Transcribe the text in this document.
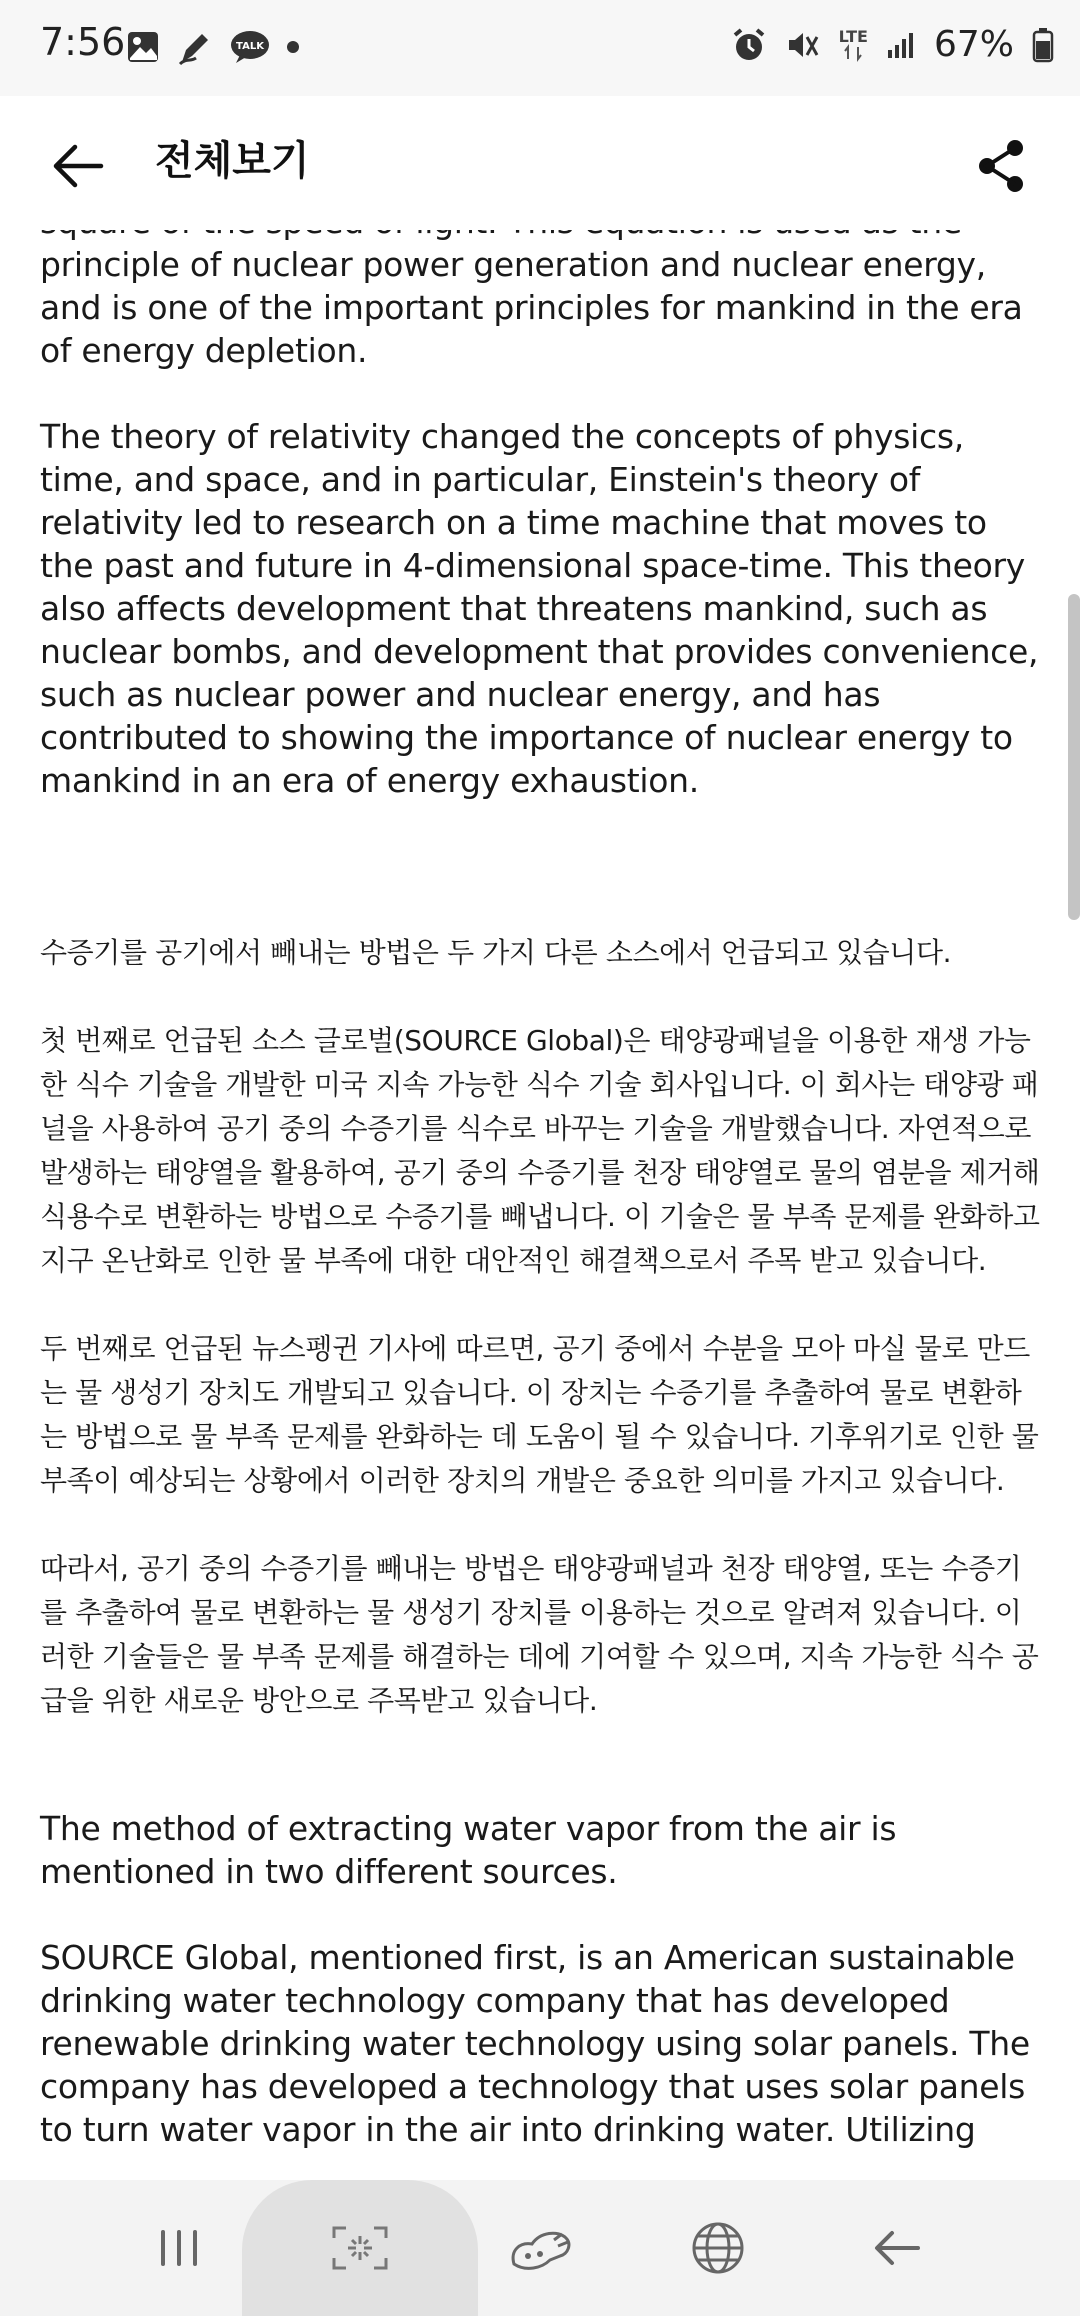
7:56	TALK
LTE 67%
전체보기

principle of nuclear power generation and nuclear energy, and is one of the important principles for mankind in the era of energy depletion.

The theory of relativity changed the concepts of physics, time, and space, and in particular, Einstein's theory of relativity led to research on a time machine that moves to the past and future in 4-dimensional space-time. This theory also affects development that threatens mankind, such as nuclear bombs, and development that provides convenience, such as nuclear power and nuclear energy, and has contributed to showing the importance of nuclear energy to mankind in an era of energy exhaustion.

수증기를 공기에서 빼내는 방법은 두 가지 다른 소스에서 언급되고 있습니다.

첫 번째로 언급된 소스 글로벌(SOURCE Global)은 태양광패널을 이용한 재생 가능한 식수 기술을 개발한 미국 지속 가능한 식수 기술 회사입니다. 이 회사는 태양광 패널을 사용하여 공기 중의 수증기를 식수로 바꾸는 기술을 개발했습니다. 자연적으로 발생하는 태양열을 활용하여, 공기 중의 수증기를 천장 태양열로 물의 염분을 제거해 식용수로 변환하는 방법으로 수증기를 빼냅니다. 이 기술은 물 부족 문제를 완화하고 지구 온난화로 인한 물 부족에 대한 대안적인 해결책으로서 주목 받고 있습니다.

두 번째로 언급된 뉴스펭귄 기사에 따르면, 공기 중에서 수분을 모아 마실 물로 만드는 물 생성기 장치도 개발되고 있습니다. 이 장치는 수증기를 추출하여 물로 변환하는 방법으로 물 부족 문제를 완화하는 데 도움이 될 수 있습니다. 기후위기로 인한 물 부족이 예상되는 상황에서 이러한 장치의 개발은 중요한 의미를 가지고 있습니다.

따라서, 공기 중의 수증기를 빼내는 방법은 태양광패널과 천장 태양열, 또는 수증기를 추출하여 물로 변환하는 물 생성기 장치를 이용하는 것으로 알려져 있습니다. 이러한 기술들은 물 부족 문제를 해결하는 데에 기여할 수 있으며, 지속 가능한 식수 공급을 위한 새로운 방안으로 주목받고 있습니다.

The method of extracting water vapor from the air is mentioned in two different sources.

SOURCE Global, mentioned first, is an American sustainable drinking water technology company that has developed renewable drinking water technology using solar panels. The company has developed a technology that uses solar panels to turn water vapor in the air into drinking water. Utilizing
